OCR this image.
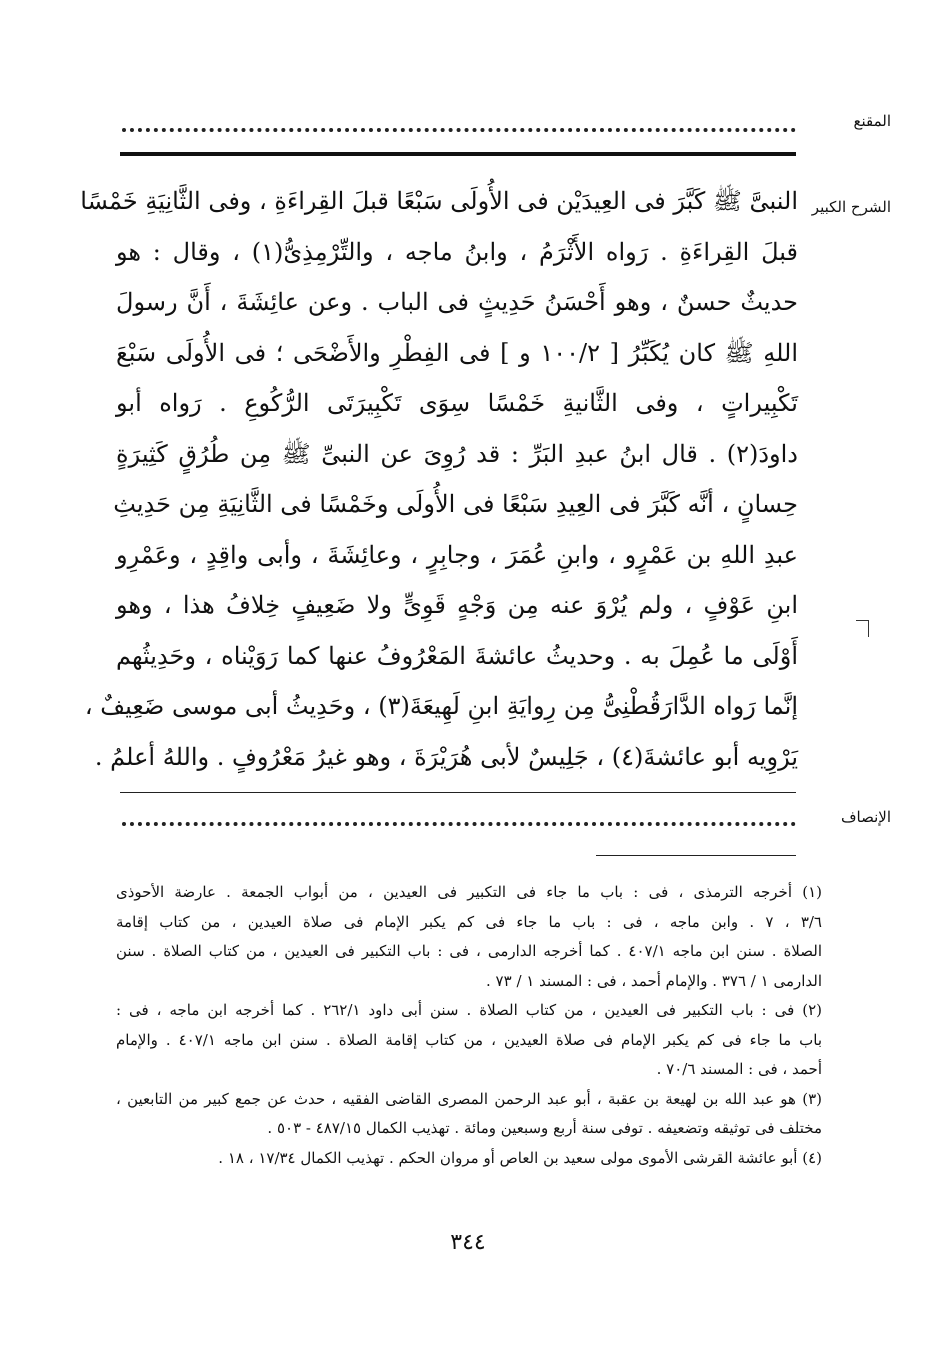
المقنع
الشرح الكبير
النبىَّ ﷺ كَبَّرَ فى العِيدَيْن فى الأُولَى سَبْعًا قبلَ القِراءَةِ ، وفى الثَّانِيَةِ خَمْسًا
قبلَ القِراءَةِ . رَواه الأَثْرَمُ ، وابنُ ماجه ، والتِّرْمِذِىُّ(١) ، وقال : هو
حديثٌ حسنٌ ، وهو أَحْسَنُ حَدِيثٍ فى الباب . وعن عائِشَةَ ، أَنَّ رسولَ
اللهِ ﷺ كان يُكَبِّرُ [ ١٠٠/٢ و ] فى الفِطْرِ والأَضْحَى ؛ فى الأُولَى سَبْعَ
تَكْبِيراتٍ ، وفى الثَّانيةِ خَمْسًا سِوَى تَكْبِيرَتَى الرُّكُوعِ . رَواه أبو
داودَ(٢) . قال ابنُ عبدِ البَرِّ : قد رُوِىَ عن النبىِّ ﷺ مِن طُرُقٍ كَثِيرَةٍ
حِسانٍ ، أنَّه كَبَّرَ فى العِيدِ سَبْعًا فى الأُولَى وخَمْسًا فى الثَّانِيَةِ مِن حَدِيثِ
عبدِ اللهِ بن عَمْرٍو ، وابنِ عُمَرَ ، وجابِرٍ ، وعائِشَةَ ، وأبى واقِدٍ ، وعَمْرِو
ابنِ عَوْفٍ ، ولم يُرْوَ عنه مِن وَجْهٍ قَوِىٍّ ولا ضَعِيفٍ خِلافُ هذا ، وهو
أَوْلَى ما عُمِلَ به . وحديثُ عائشةَ المَعْرُوفُ عنها كما رَوَيْناه ، وحَدِيثُهم
إنَّما رَواه الدَّارَقُطْنِىُّ مِن رِوايَةِ ابنِ لَهِيعَةَ(٣) ، وحَدِيثُ أبى موسى ضَعِيفٌ ،
يَرْوِيه أبو عائشةَ(٤) ، جَلِيسٌ لأبى هُرَيْرَةَ ، وهو غيرُ مَعْرُوفٍ . واللهُ أعلمُ .
الإنصاف
(١) أخرجه الترمذى ، فى : باب ما جاء فى التكبير فى العيدين ، من أبواب الجمعة . عارضة الأحوذى
٣/٦ ، ٧ . وابن ماجه ، فى : باب ما جاء فى كم يكبر الإمام فى صلاة العيدين ، من كتاب إقامة
الصلاة . سنن ابن ماجه ٤٠٧/١ . كما أخرجه الدارمى ، فى : باب التكبير فى العيدين ، من كتاب الصلاة . سنن
الدارمى ١ / ٣٧٦ . والإمام أحمد ، فى : المسند ١ / ٧٣ .
(٢) فى : باب التكبير فى العيدين ، من كتاب الصلاة . سنن أبى داود ٢٦٢/١ . كما أخرجه ابن ماجه ، فى :
باب ما جاء فى كم يكبر الإمام فى صلاة العيدين ، من كتاب إقامة الصلاة . سنن ابن ماجه ٤٠٧/١ . والإمام
أحمد ، فى : المسند ٧٠/٦ .
(٣) هو عبد الله بن لهيعة بن عقبة ، أبو عبد الرحمن المصرى القاضى الفقيه ، حدث عن جمع كبير من التابعين ،
مختلف فى توثيقه وتضعيفه . توفى سنة أربع وسبعين ومائة . تهذيب الكمال ٤٨٧/١٥ - ٥٠٣ .
(٤) أبو عائشة القرشى الأموى مولى سعيد بن العاص أو مروان الحكم . تهذيب الكمال ١٧/٣٤ ، ١٨ .
٣٤٤
